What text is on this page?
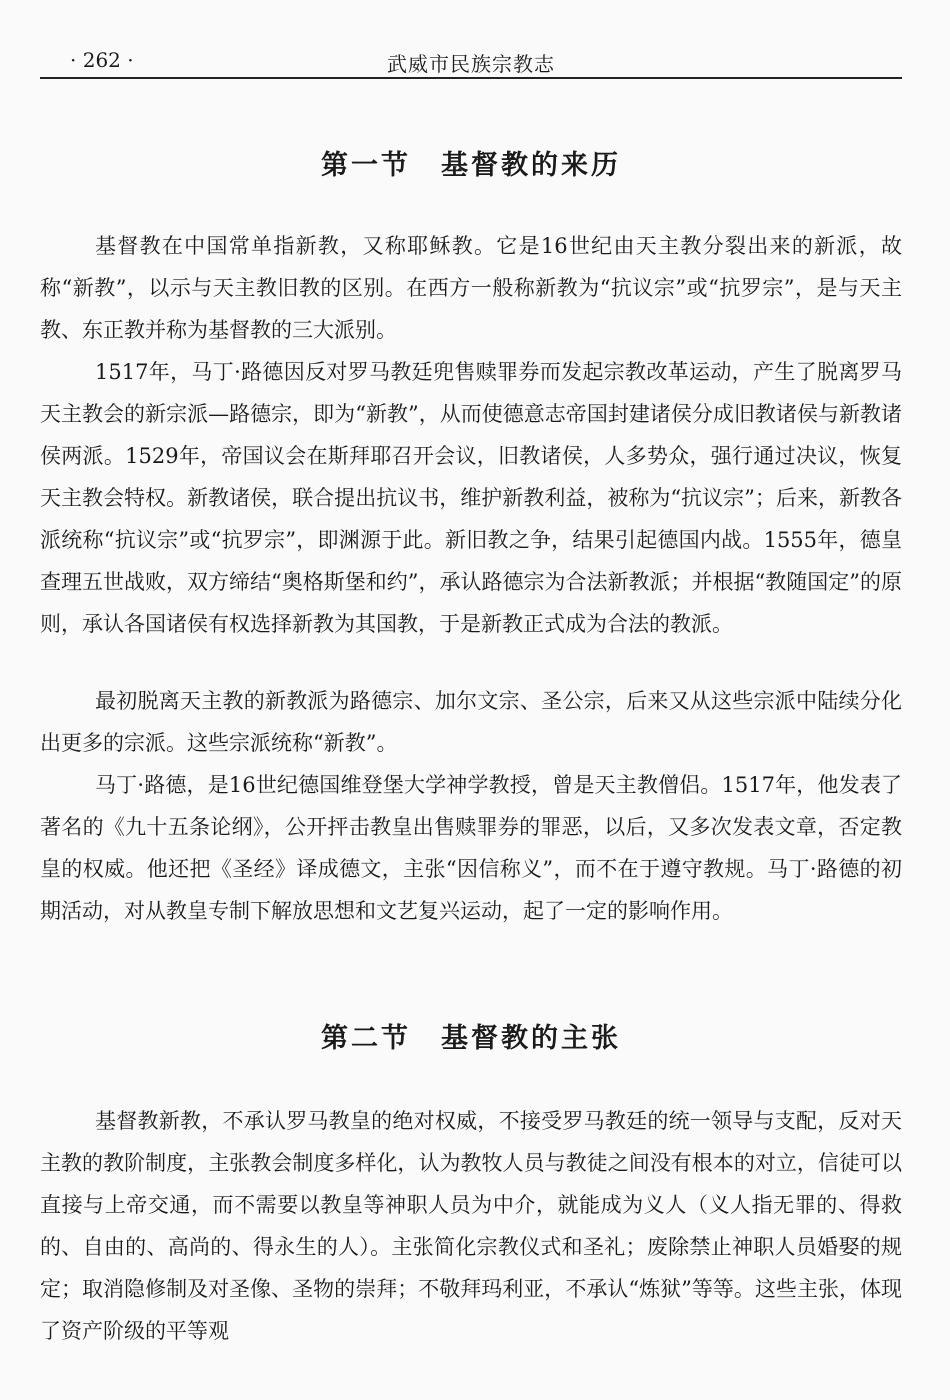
· 262 ·	武威市民族宗教志
第一节　基督教的来历

基督教在中国常单指新教，又称耶稣教。它是16世纪由天主教分裂出来的新派，故称“新教”，以示与天主教旧教的区别。在西方一般称新教为“抗议宗”或“抗罗宗”，是与天主教、东正教并称为基督教的三大派别。

1517年，马丁·路德因反对罗马教廷兜售赎罪券而发起宗教改革运动，产生了脱离罗马天主教会的新宗派—路德宗，即为“新教”，从而使德意志帝国封建诸侯分成旧教诸侯与新教诸侯两派。1529年，帝国议会在斯拜耶召开会议，旧教诸侯，人多势众，强行通过决议，恢复天主教会特权。新教诸侯，联合提出抗议书，维护新教利益，被称为“抗议宗”；后来，新教各派统称“抗议宗”或“抗罗宗”，即渊源于此。新旧教之争，结果引起德国内战。1555年，德皇查理五世战败，双方缔结“奥格斯堡和约”，承认路德宗为合法新教派；并根据“教随国定”的原则，承认各国诸侯有权选择新教为其国教，于是新教正式成为合法的教派。

最初脱离天主教的新教派为路德宗、加尔文宗、圣公宗，后来又从这些宗派中陆续分化出更多的宗派。这些宗派统称“新教”。

马丁·路德，是16世纪德国维登堡大学神学教授，曾是天主教僧侣。1517年，他发表了著名的《九十五条论纲》，公开抨击教皇出售赎罪券的罪恶，以后，又多次发表文章，否定教皇的权威。他还把《圣经》译成德文，主张“因信称义”，而不在于遵守教规。马丁·路德的初期活动，对从教皇专制下解放思想和文艺复兴运动，起了一定的影响作用。

第二节　基督教的主张

基督教新教，不承认罗马教皇的绝对权威，不接受罗马教廷的统一领导与支配，反对天主教的教阶制度，主张教会制度多样化，认为教牧人员与教徒之间没有根本的对立，信徒可以直接与上帝交通，而不需要以教皇等神职人员为中介，就能成为义人（义人指无罪的、得救的、自由的、高尚的、得永生的人）。主张简化宗教仪式和圣礼；废除禁止神职人员婚娶的规定；取消隐修制及对圣像、圣物的崇拜；不敬拜玛利亚，不承认“炼狱”等等。这些主张，体现了资产阶级的平等观
